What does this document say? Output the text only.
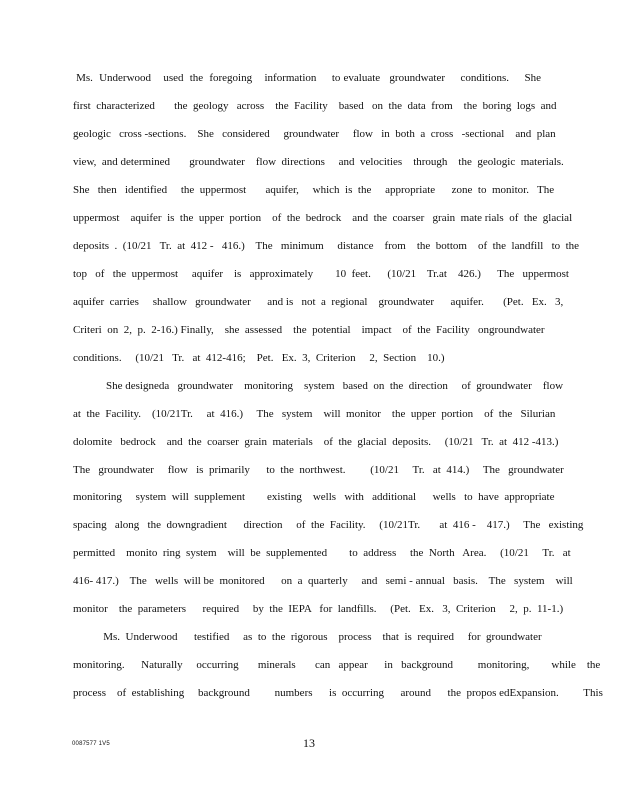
Ms.  Underwood    used  the  foregoing    information     to evaluate   groundwater     conditions.     She
first  characterized       the  geology   across    the  Facility    based   on  the  data  from    the  boring  logs  and
geologic   cross -sections.    She   considered     groundwater     flow   in  both  a  cross   -sectional    and  plan
view,  and determined       groundwater    flow  directions     and  velocities    through    the  geologic  materials.
She   then   identified     the  uppermost       aquifer,     which  is  the     appropriate      zone  to  monitor.   The
uppermost    aquifer  is  the  upper  portion    of  the  bedrock    and  the  coarser   grain  mate rials  of  the  glacial
deposits  .  (10/21   Tr.  at  412 -   416.)    The   minimum     distance    from    the  bottom    of  the  landfill   to  the
top   of   the  uppermost     aquifer    is   approximately        10  feet.      (10/21    Tr.at    426.)      The   uppermost
aquifer  carries     shallow   groundwater      and is   not  a  regional    groundwater      aquifer.       (Pet.   Ex.   3,
Criteri  on  2,  p.  2-16.) Finally,    she  assessed    the  potential    impact    of  the  Facility   ongroundwater
conditions.     (10/21   Tr.   at  412-416;    Pet.   Ex.  3,  Criterion     2,  Section    10.)
She designeda   groundwater    monitoring    system   based  on  the  direction     of  groundwater    flow
at  the  Facility.    (10/21Tr.     at  416.)     The   system    will  monitor    the  upper  portion    of  the   Silurian
dolomite   bedrock    and  the  coarser  grain  materials    of  the  glacial  deposits.     (10/21   Tr.  at  412 -413.)
The   groundwater     flow   is  primarily      to  the  northwest.         (10/21     Tr.   at  414.)     The   groundwater
monitoring     system  will  supplement        existing    wells   with   additional      wells   to  have  appropriate
spacing   along   the  downgradient      direction     of  the  Facility.     (10/21Tr.       at  416 -    417.)     The   existing
permitted    monito  ring  system    will  be  supplemented        to  address     the  North   Area.     (10/21     Tr.   at
416- 417.)    The   wells  will be  monitored      on  a  quarterly     and   semi - annual   basis.    The   system    will
monitor    the  parameters      required     by  the  IEPA   for  landfills.     (Pet.   Ex.   3,  Criterion     2,  p.  11-1.)
Ms.  Underwood      testified     as  to  the  rigorous    process    that  is  required     for  groundwater
monitoring.      Naturally     occurring       minerals       can   appear      in   background         monitoring,        while    the
process    of  establishing     background         numbers      is  occurring      around      the  propos edExpansion.         This
0087577 1V5	13
